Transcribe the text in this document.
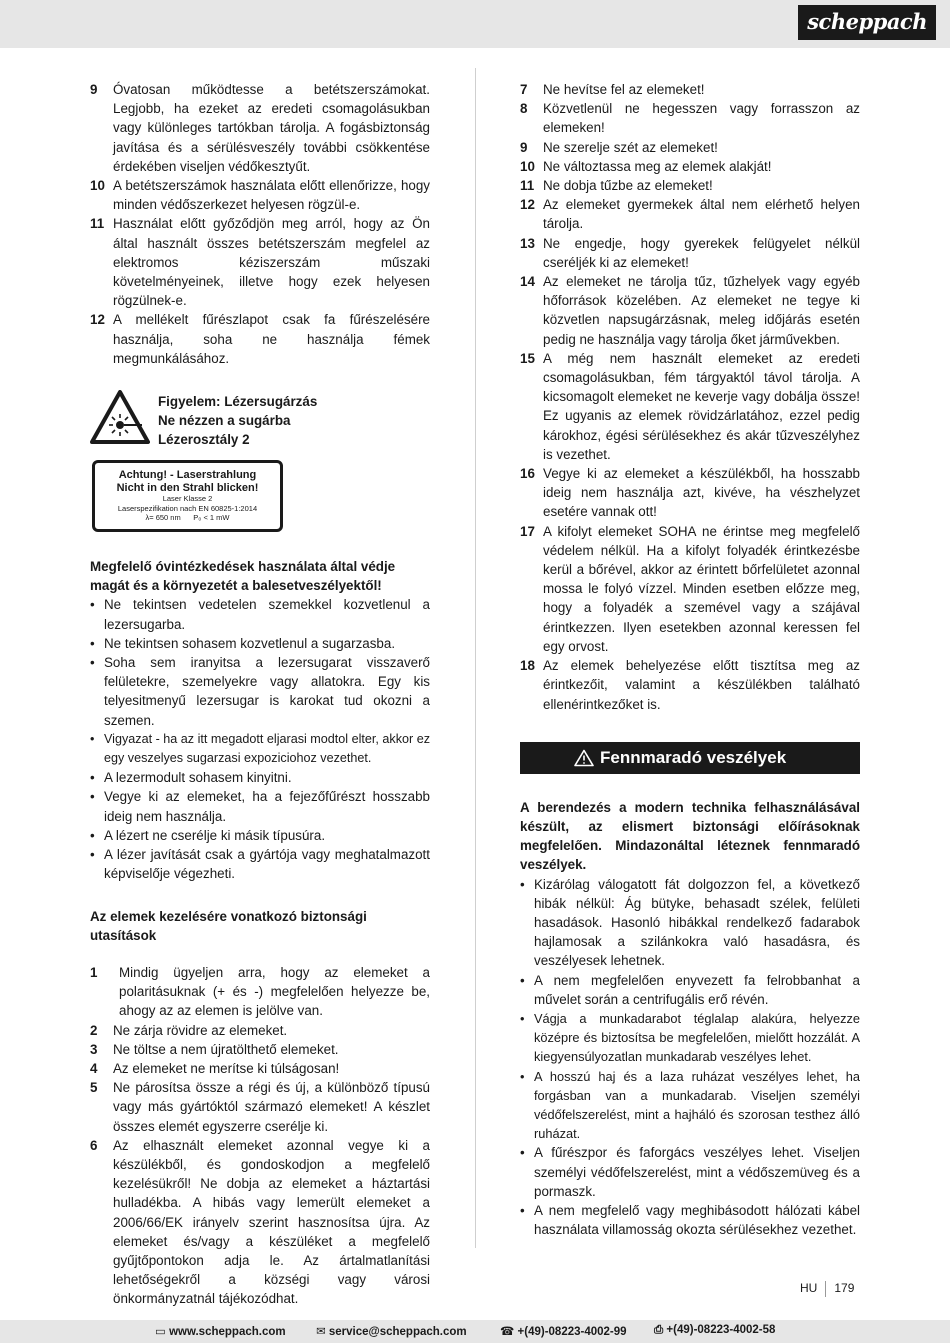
scheppach
9 Óvatosan működtesse a betétszerszámokat. Legjobb, ha ezeket az eredeti csomagolásukban vagy különleges tartókban tárolja. A fogásbiztonság javítása és a sérülésveszély további csökkentése érdekében viseljen védőkesztyűt.
10 A betétszerszámok használata előtt ellenőrizze, hogy minden védőszerkezet helyesen rögzül-e.
11 Használat előtt győződjön meg arról, hogy az Ön által használt összes betétszerszám megfelel az elektromos kéziszerszám műszaki követelményeinek, illetve hogy ezek helyesen rögzülnek-e.
12 A mellékelt fűrészlapot csak fa fűrészelésére használja, soha ne használja fémek megmunkálásához.
Figyelem: Lézersugárzás
Ne nézzen a sugárba
Lézerosztály 2
Achtung! - Laserstrahlung
Nicht in den Strahl blicken!
Laser Klasse 2
Laserspezifikation nach EN 60825-1:2014
λ= 650 nm P₀ < 1 mW
Megfelelő óvintézkedések használata által védje magát és a környezetét a balesetveszélyektől!
• Ne tekintsen vedetelen szemekkel kozvetlenul a lezersugarba.
• Ne tekintsen sohasem kozvetlenul a sugarzasba.
• Soha sem iranyitsa a lezersugarat visszaverő felületekre, szemelyekre vagy allatokra. Egy kis telyesitmenyű lezersugar is karokat tud okozni a szemen.
• Vigyazat - ha az itt megadott eljarasi modtol elter, akkor ez egy veszelyes sugarzasi expoziciohoz vezethet.
• A lezermodult sohasem kinyitni.
• Vegye ki az elemeket, ha a fejezőfűrészt hosszabb ideig nem használja.
• A lézert ne cserélje ki másik típusúra.
• A lézer javítását csak a gyártója vagy meghatalmazott képviselője végezheti.
Az elemek kezelésére vonatkozó biztonsági utasítások
1 Mindig ügyeljen arra, hogy az elemeket a polaritásuknak (+ és -) megfelelően helyezze be, ahogy az az elemen is jelölve van.
2 Ne zárja rövidre az elemeket.
3 Ne töltse a nem újratölthető elemeket.
4 Az elemeket ne merítse ki túlságosan!
5 Ne párosítsa össze a régi és új, a különböző típusú vagy más gyártóktól származó elemeket! A készlet összes elemét egyszerre cserélje ki.
6 Az elhasznált elemeket azonnal vegye ki a készülékből, és gondoskodjon a megfelelő kezelésükről! Ne dobja az elemeket a háztartási hulladékba. A hibás vagy lemerült elemeket a 2006/66/EK irányelv szerint hasznosítsa újra. Az elemeket és/vagy a készüléket a megfelelő gyűjtőpontokon adja le. Az ártalmatlanítási lehetőségekről a községi vagy városi önkormányzatnál tájékozódhat.
7 Ne hevítse fel az elemeket!
8 Közvetlenül ne hegesszen vagy forrasszon az elemeken!
9 Ne szerelje szét az elemeket!
10 Ne változtassa meg az elemek alakját!
11 Ne dobja tűzbe az elemeket!
12 Az elemeket gyermekek által nem elérhető helyen tárolja.
13 Ne engedje, hogy gyerekek felügyelet nélkül cseréljék ki az elemeket!
14 Az elemeket ne tárolja tűz, tűzhelyek vagy egyéb hőforrások közelében. Az elemeket ne tegye ki közvetlen napsugárzásnak, meleg időjárás esetén pedig ne használja vagy tárolja őket járművekben.
15 A még nem használt elemeket az eredeti csomagolásukban, fém tárgyaktól távol tárolja. A kicsomagolt elemeket ne keverje vagy dobálja össze! Ez ugyanis az elemek rövidzárlatához, ezzel pedig károkhoz, égési sérülésekhez és akár tűzveszélyhez is vezethet.
16 Vegye ki az elemeket a készülékből, ha hosszabb ideig nem használja azt, kivéve, ha vészhelyzet esetére vannak ott!
17 A kifolyt elemeket SOHA ne érintse meg megfelelő védelem nélkül. Ha a kifolyt folyadék érintkezésbe kerül a bőrével, akkor az érintett bőrfelületet azonnal mossa le folyó vízzel. Minden esetben előzze meg, hogy a folyadék a szemével vagy a szájával érintkezzen. Ilyen esetekben azonnal keressen fel egy orvost.
18 Az elemek behelyezése előtt tisztítsa meg az érintkezőit, valamint a készülékben található ellenérintkezőket is.
Fennmaradó veszélyek
A berendezés a modern technika felhasználásával készült, az elismert biztonsági előírásoknak megfelelően. Mindazonáltal léteznek fennmaradó veszélyek.
• Kizárólag válogatott fát dolgozzon fel, a következő hibák nélkül: Ág bütyke, behasadt szélek, felületi hasadások. Hasonló hibákkal rendelkező fadarabok hajlamosak a szilánkokra való hasadásra, és veszélyesek lehetnek.
• A nem megfelelően enyvezett fa felrobbanhat a művelet során a centrifugális erő révén.
• Vágja a munkadarabot téglalap alakúra, helyezze középre és biztosítsa be megfelelően, mielőtt hozzálát. A kiegyensúlyozatlan munkadarab veszélyes lehet.
• A hosszú haj és a laza ruházat veszélyes lehet, ha forgásban van a munkadarab. Viseljen személyi védőfelszerelést, mint a hajháló és szorosan testhez álló ruházat.
• A fűrészpor és faforgács veszélyes lehet. Viseljen személyi védőfelszerelést, mint a védőszemüveg és a pormaszk.
• A nem megfelelő vagy meghibásodott hálózati kábel használata villamosság okozta sérülésekhez vezethet.
HU 179
▭ www.scheppach.com	✉ service@scheppach.com	☎ +(49)-08223-4002-99 ⎙ +(49)-08223-4002-58
